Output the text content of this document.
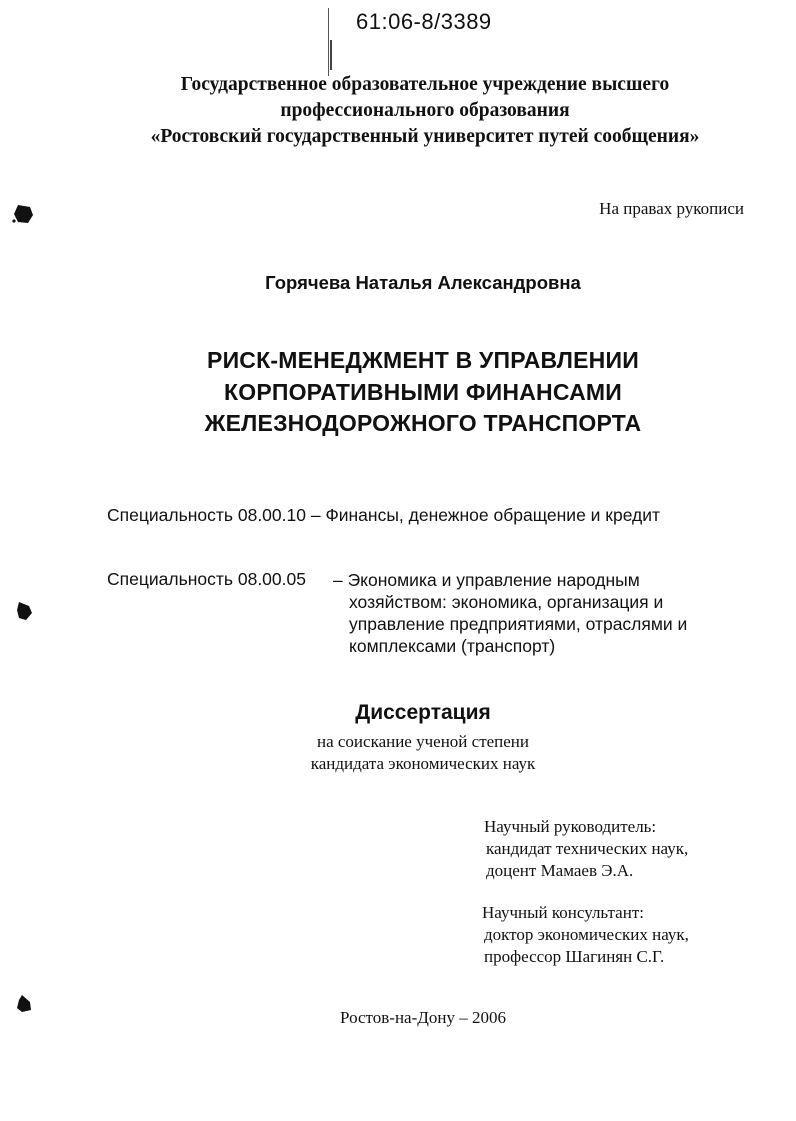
61:06-8/3389
Государственное образовательное учреждение высшего
профессионального образования
«Ростовский государственный университет путей сообщения»
На правах рукописи
Горячева Наталья Александровна
РИСК-МЕНЕДЖМЕНТ В УПРАВЛЕНИИ
КОРПОРАТИВНЫМИ ФИНАНСАМИ
ЖЕЛЕЗНОДОРОЖНОГО ТРАНСПОРТА
Специальность 08.00.10 – Финансы, денежное обращение и кредит
Специальность 08.00.05 – Экономика и управление народным
хозяйством: экономика, организация и
управление предприятиями, отраслями и
комплексами (транспорт)
Диссертация
на соискание ученой степени
кандидата экономических наук
Научный руководитель:
кандидат технических наук,
доцент Мамаев Э.А.
Научный консультант:
доктор экономических наук,
профессор Шагинян С.Г.
Ростов-на-Дону – 2006
